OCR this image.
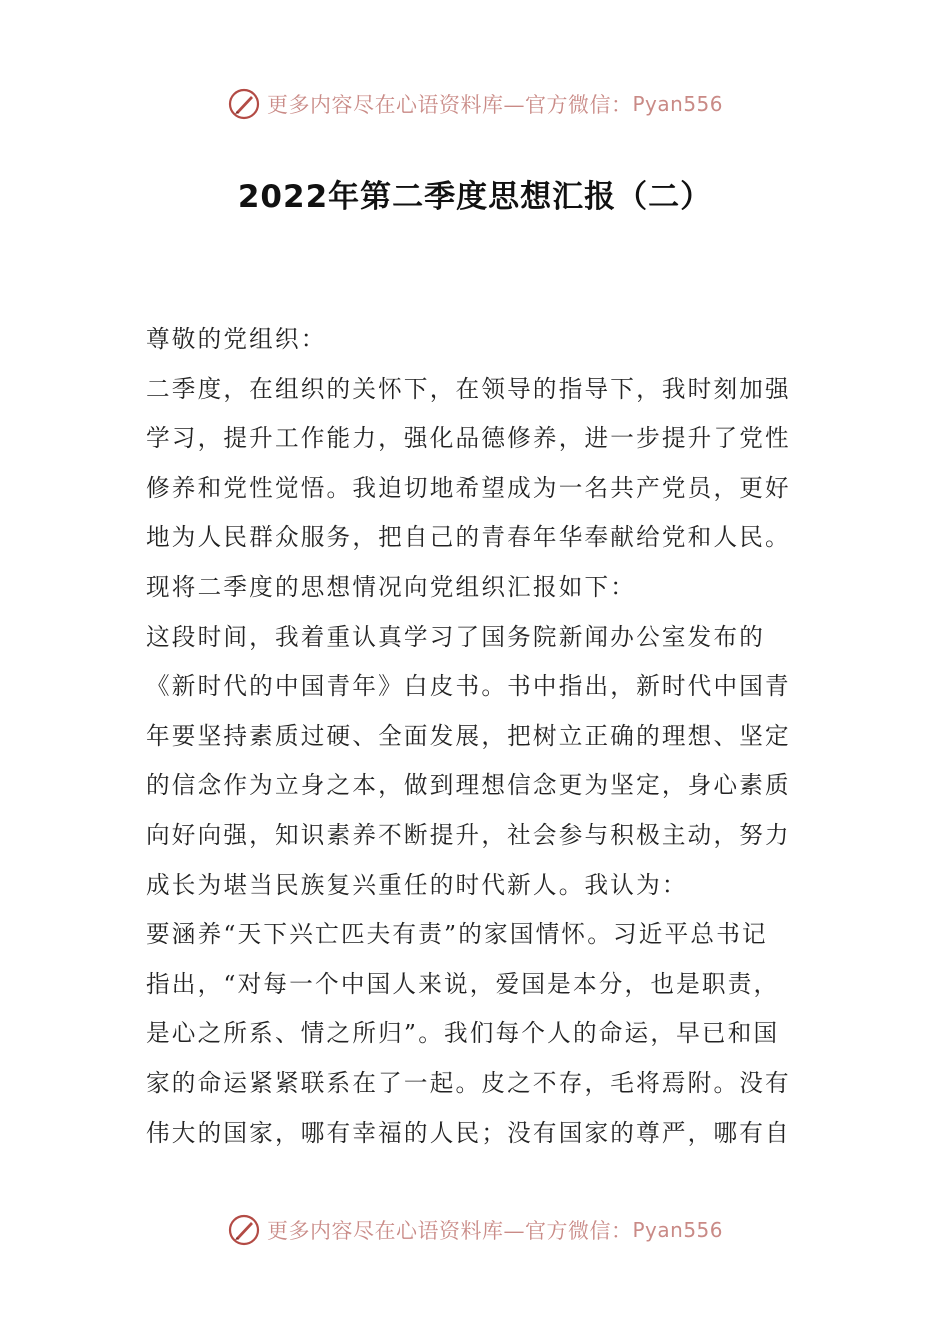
更多内容尽在心语资料库—官方微信： Pyan556
2022年第二季度思想汇报（二）
尊敬的党组织：
二季度，在组织的关怀下，在领导的指导下，我时刻加强
学习，提升工作能力，强化品德修养，进一步提升了党性
修养和党性觉悟。我迫切地希望成为一名共产党员，更好
地为人民群众服务，把自己的青春年华奉献给党和人民。
现将二季度的思想情况向党组织汇报如下：
这段时间，我着重认真学习了国务院新闻办公室发布的
《新时代的中国青年》白皮书。书中指出，新时代中国青
年要坚持素质过硬、全面发展，把树立正确的理想、坚定
的信念作为立身之本，做到理想信念更为坚定，身心素质
向好向强，知识素养不断提升，社会参与积极主动，努力
成长为堪当民族复兴重任的时代新人。我认为：
要涵养“天下兴亡匹夫有责”的家国情怀。习近平总书记
指出，“对每一个中国人来说，爱国是本分，也是职责，
是心之所系、情之所归”。我们每个人的命运，早已和国
家的命运紧紧联系在了一起。皮之不存，毛将焉附。没有
伟大的国家，哪有幸福的人民；没有国家的尊严，哪有自
更多内容尽在心语资料库—官方微信： Pyan556
